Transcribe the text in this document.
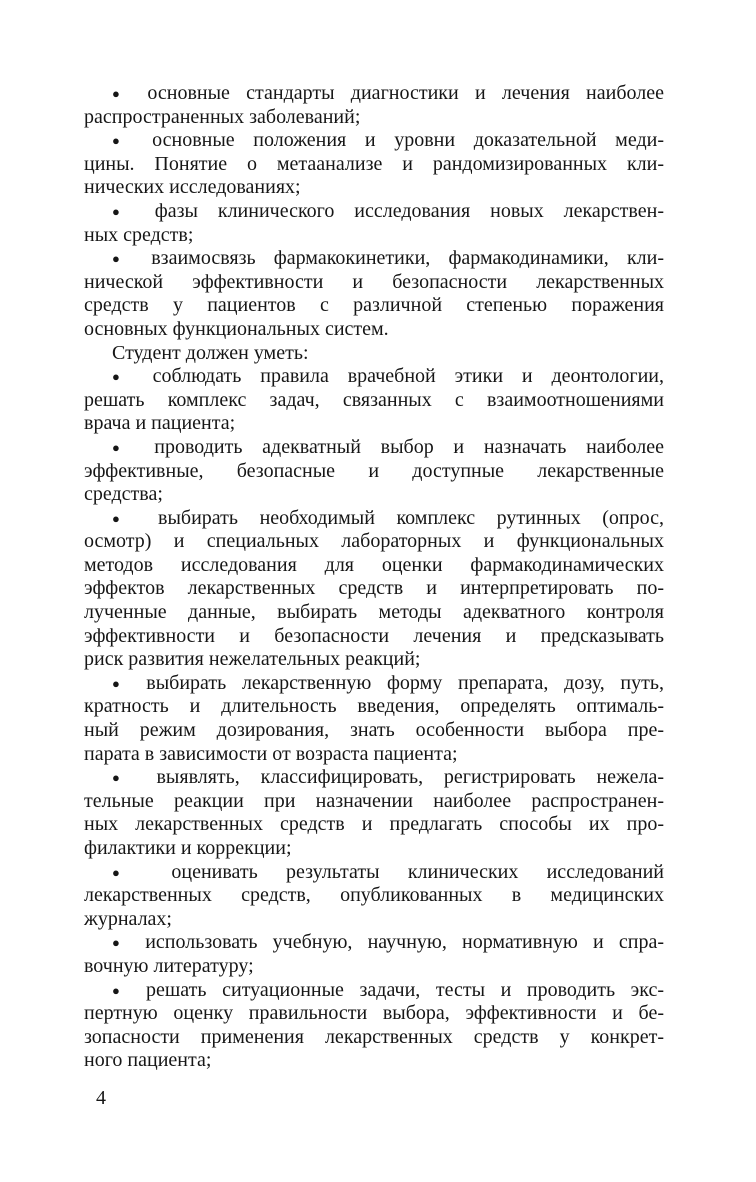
● основные стандарты диагностики и лечения наиболее
распространенных заболеваний;
● основные положения и уровни доказательной меди-
цины. Понятие о метаанализе и рандомизированных кли-
нических исследованиях;
● фазы клинического исследования новых лекарствен-
ных средств;
● взаимосвязь фармакокинетики, фармакодинамики, кли-
нической эффективности и безопасности лекарственных
средств у пациентов с различной степенью поражения
основных функциональных систем.
Студент должен уметь:
● соблюдать правила врачебной этики и деонтологии,
решать комплекс задач, связанных с взаимоотношениями
врача и пациента;
● проводить адекватный выбор и назначать наиболее
эффективные, безопасные и доступные лекарственные
средства;
● выбирать необходимый комплекс рутинных (опрос,
осмотр) и специальных лабораторных и функциональных
методов исследования для оценки фармакодинамических
эффектов лекарственных средств и интерпретировать по-
лученные данные, выбирать методы адекватного контроля
эффективности и безопасности лечения и предсказывать
риск развития нежелательных реакций;
● выбирать лекарственную форму препарата, дозу, путь,
кратность и длительность введения, определять оптималь-
ный режим дозирования, знать особенности выбора пре-
парата в зависимости от возраста пациента;
● выявлять, классифицировать, регистрировать нежела-
тельные реакции при назначении наиболее распространен-
ных лекарственных средств и предлагать способы их про-
филактики и коррекции;
● оценивать результаты клинических исследований
лекарственных средств, опубликованных в медицинских
журналах;
● использовать учебную, научную, нормативную и спра-
вочную литературу;
● решать ситуационные задачи, тесты и проводить экс-
пертную оценку правильности выбора, эффективности и бе-
зопасности применения лекарственных средств у конкрет-
ного пациента;
4
